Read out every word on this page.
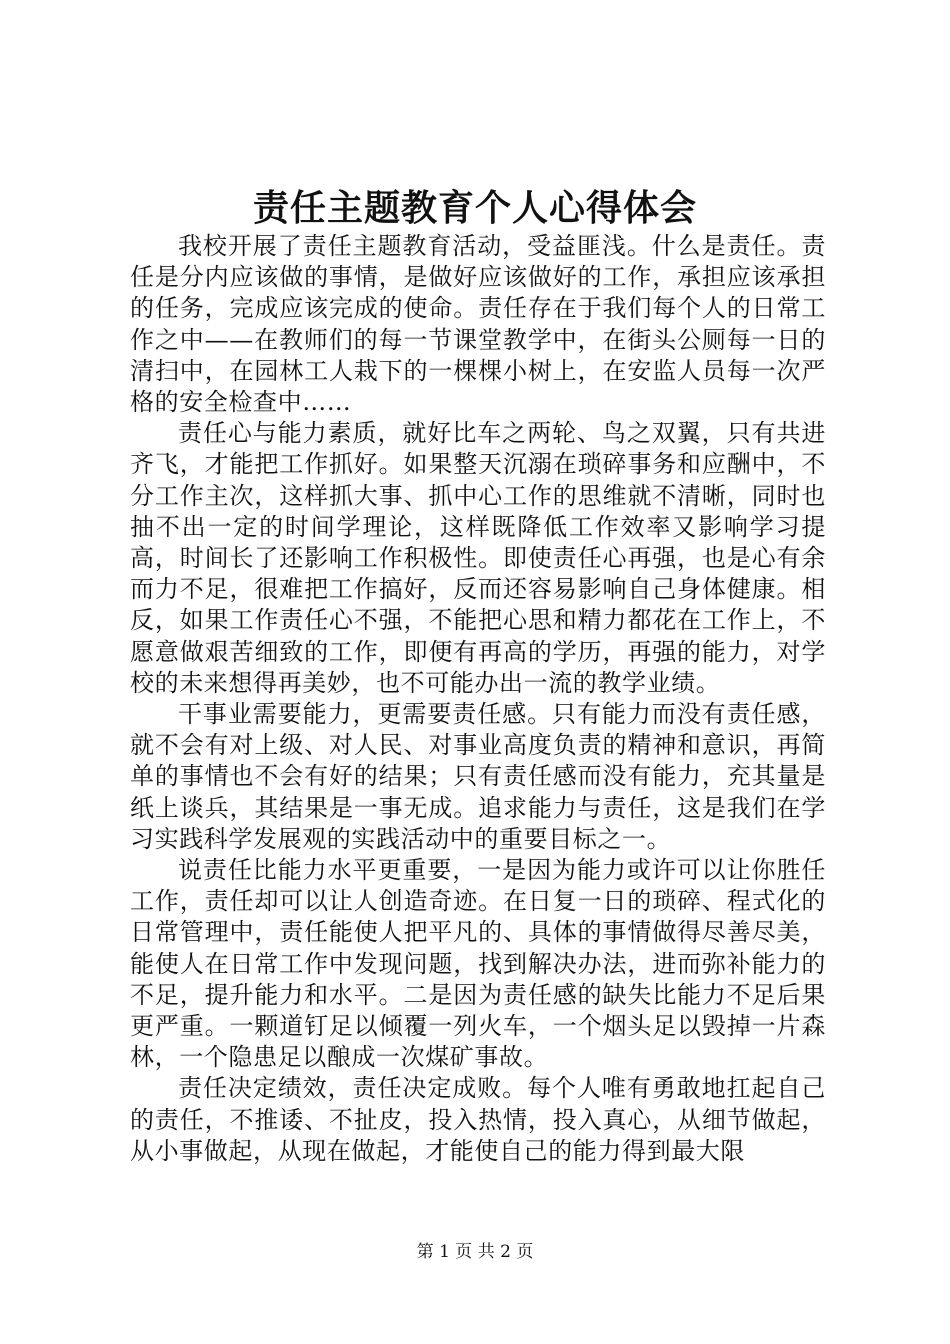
责任主题教育个人心得体会

我校开展了责任主题教育活动，受益匪浅。什么是责任。责任是分内应该做的事情，是做好应该做好的工作，承担应该承担的任务，完成应该完成的使命。责任存在于我们每个人的日常工作之中——在教师们的每一节课堂教学中，在街头公厕每一日的清扫中，在园林工人栽下的一棵棵小树上，在安监人员每一次严格的安全检查中……

责任心与能力素质，就好比车之两轮、鸟之双翼，只有共进齐飞，才能把工作抓好。如果整天沉溺在琐碎事务和应酬中，不分工作主次，这样抓大事、抓中心工作的思维就不清晰，同时也抽不出一定的时间学理论，这样既降低工作效率又影响学习提高，时间长了还影响工作积极性。即使责任心再强，也是心有余而力不足，很难把工作搞好，反而还容易影响自己身体健康。相反，如果工作责任心不强，不能把心思和精力都花在工作上，不愿意做艰苦细致的工作，即便有再高的学历，再强的能力，对学校的未来想得再美妙，也不可能办出一流的教学业绩。

干事业需要能力，更需要责任感。只有能力而没有责任感，就不会有对上级、对人民、对事业高度负责的精神和意识，再简单的事情也不会有好的结果；只有责任感而没有能力，充其量是纸上谈兵，其结果是一事无成。追求能力与责任，这是我们在学习实践科学发展观的实践活动中的重要目标之一。

说责任比能力水平更重要，一是因为能力或许可以让你胜任工作，责任却可以让人创造奇迹。在日复一日的琐碎、程式化的日常管理中，责任能使人把平凡的、具体的事情做得尽善尽美，能使人在日常工作中发现问题，找到解决办法，进而弥补能力的不足，提升能力和水平。二是因为责任感的缺失比能力不足后果更严重。一颗道钉足以倾覆一列火车，一个烟头足以毁掉一片森林，一个隐患足以酿成一次煤矿事故。

责任决定绩效，责任决定成败。每个人唯有勇敢地扛起自己的责任，不推诿、不扯皮，投入热情，投入真心，从细节做起，从小事做起，从现在做起，才能使自己的能力得到最大限

第 1 页 共 2 页
